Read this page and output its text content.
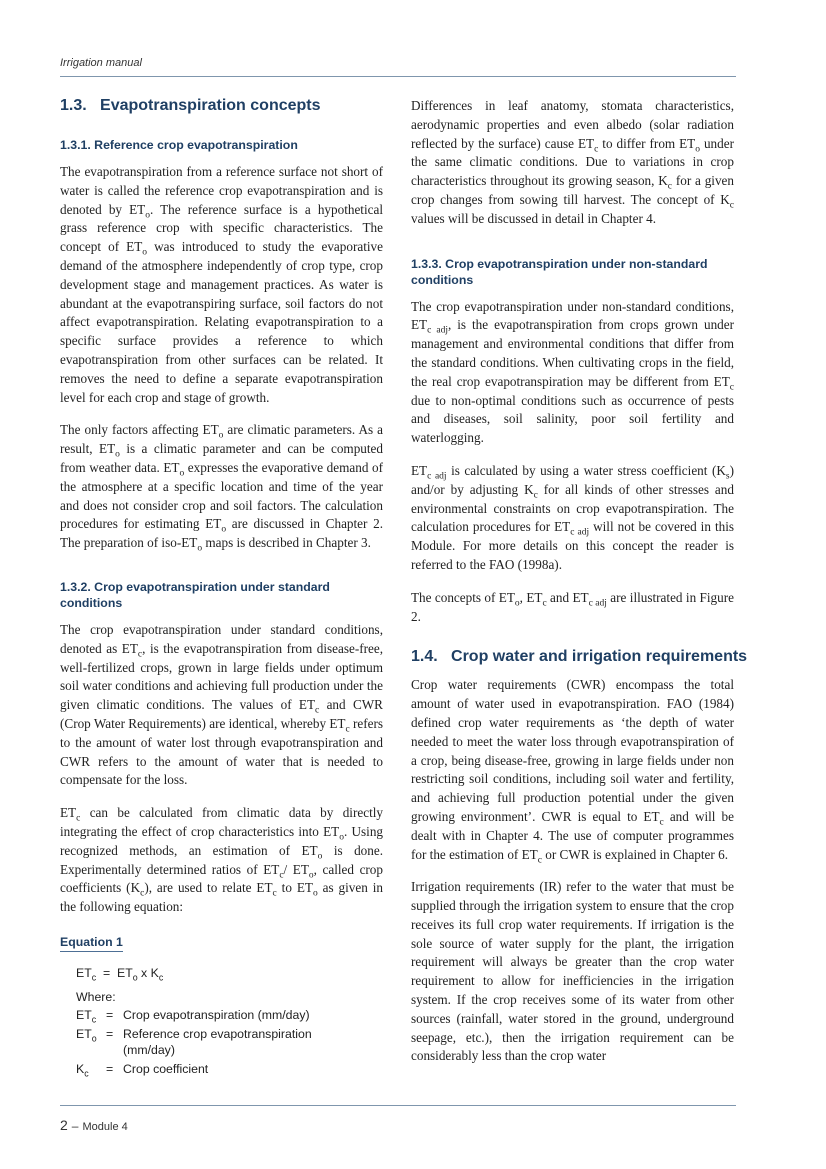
Irrigation manual
1.3.   Evapotranspiration concepts
1.3.1. Reference crop evapotranspiration

The evapotranspiration from a reference surface not short of water is called the reference crop evapotranspiration and is denoted by $ET_o$. The reference surface is a hypothetical grass reference crop with specific characteristics. The concept of $ET_o$ was introduced to study the evaporative demand of the atmosphere independently of crop type, crop development stage and management practices. As water is abundant at the evapotranspiring surface, soil factors do not affect evapotranspiration. Relating evapotranspiration to a specific surface provides a reference to which evapotranspiration from other surfaces can be related. It removes the need to define a separate evapotranspiration level for each crop and stage of growth.

The only factors affecting $ET_o$ are climatic parameters. As a result, $ET_o$ is a climatic parameter and can be computed from weather data. $ET_o$ expresses the evaporative demand of the atmosphere at a specific location and time of the year and does not consider crop and soil factors. The calculation procedures for estimating $ET_o$ are discussed in Chapter 2. The preparation of iso-$ET_o$ maps is described in Chapter 3.

1.3.2. Crop evapotranspiration under standard conditions

The crop evapotranspiration under standard conditions, denoted as $ET_c$, is the evapotranspiration from disease-free, well-fertilized crops, grown in large fields under optimum soil water conditions and achieving full production under the given climatic conditions. The values of $ET_c$ and CWR (Crop Water Requirements) are identical, whereby $ET_c$ refers to the amount of water lost through evapotranspiration and CWR refers to the amount of water that is needed to compensate for the loss.

$ET_c$ can be calculated from climatic data by directly integrating the effect of crop characteristics into $ET_o$. Using recognized methods, an estimation of $ET_o$ is done. Experimentally determined ratios of $ET_c/$ $ET_o$, called crop coefficients $(K_c)$, are used to relate $ET_c$ to $ET_o$ as given in the following equation:

Equation 1
$ET_c = ET_o$ x $K_c$
Where:
$ET_c$ = Crop evapotranspiration (mm/day)
$ET_o$ = Reference crop evapotranspiration (mm/day)
$K_c$	= Crop coefficient

Differences in leaf anatomy, stomata characteristics, aerodynamic properties and even albedo (solar radiation reflected by the surface) cause $ET_c$ to differ from $ET_o$ under the same climatic conditions. Due to variations in crop characteristics throughout its growing season, $K_c$ for a given crop changes from sowing till harvest. The concept of $K_c$ values will be discussed in detail in Chapter 4.

1.3.3. Crop evapotranspiration under non-standard conditions

The crop evapotranspiration under non-standard conditions, $ET_{c adj}$, is the evapotranspiration from crops grown under management and environmental conditions that differ from the standard conditions. When cultivating crops in the field, the real crop evapotranspiration may be different from $ET_c$ due to non-optimal conditions such as occurrence of pests and diseases, soil salinity, poor soil fertility and waterlogging.

$ET_{c adj}$ is calculated by using a water stress coefficient $(K_s)$ and/or by adjusting $K_c$ for all kinds of other stresses and environmental constraints on crop evapotranspiration. The calculation procedures for $ET_{c adj}$ will not be covered in this Module. For more details on this concept the reader is referred to the FAO (1998a).

The concepts of $ET_o$, $ET_c$ and $ET_{c adj}$ are illustrated in Figure 2.

1.4.   Crop water and irrigation requirements

Crop water requirements (CWR) encompass the total amount of water used in evapotranspiration. FAO (1984) defined crop water requirements as ‘the depth of water needed to meet the water loss through evapotranspiration of a crop, being disease-free, growing in large fields under non restricting soil conditions, including soil water and fertility, and achieving full production potential under the given growing environment’. CWR is equal to $ET_c$ and will be dealt with in Chapter 4. The use of computer programmes for the estimation of $ET_c$ or CWR is explained in Chapter 6.

Irrigation requirements (IR) refer to the water that must be supplied through the irrigation system to ensure that the crop receives its full crop water requirements. If irrigation is the sole source of water supply for the plant, the irrigation requirement will always be greater than the crop water requirement to allow for inefficiencies in the irrigation system. If the crop receives some of its water from other sources (rainfall, water stored in the ground, underground seepage, etc.), then the irrigation requirement can be considerably less than the crop water

2 – Module 4
